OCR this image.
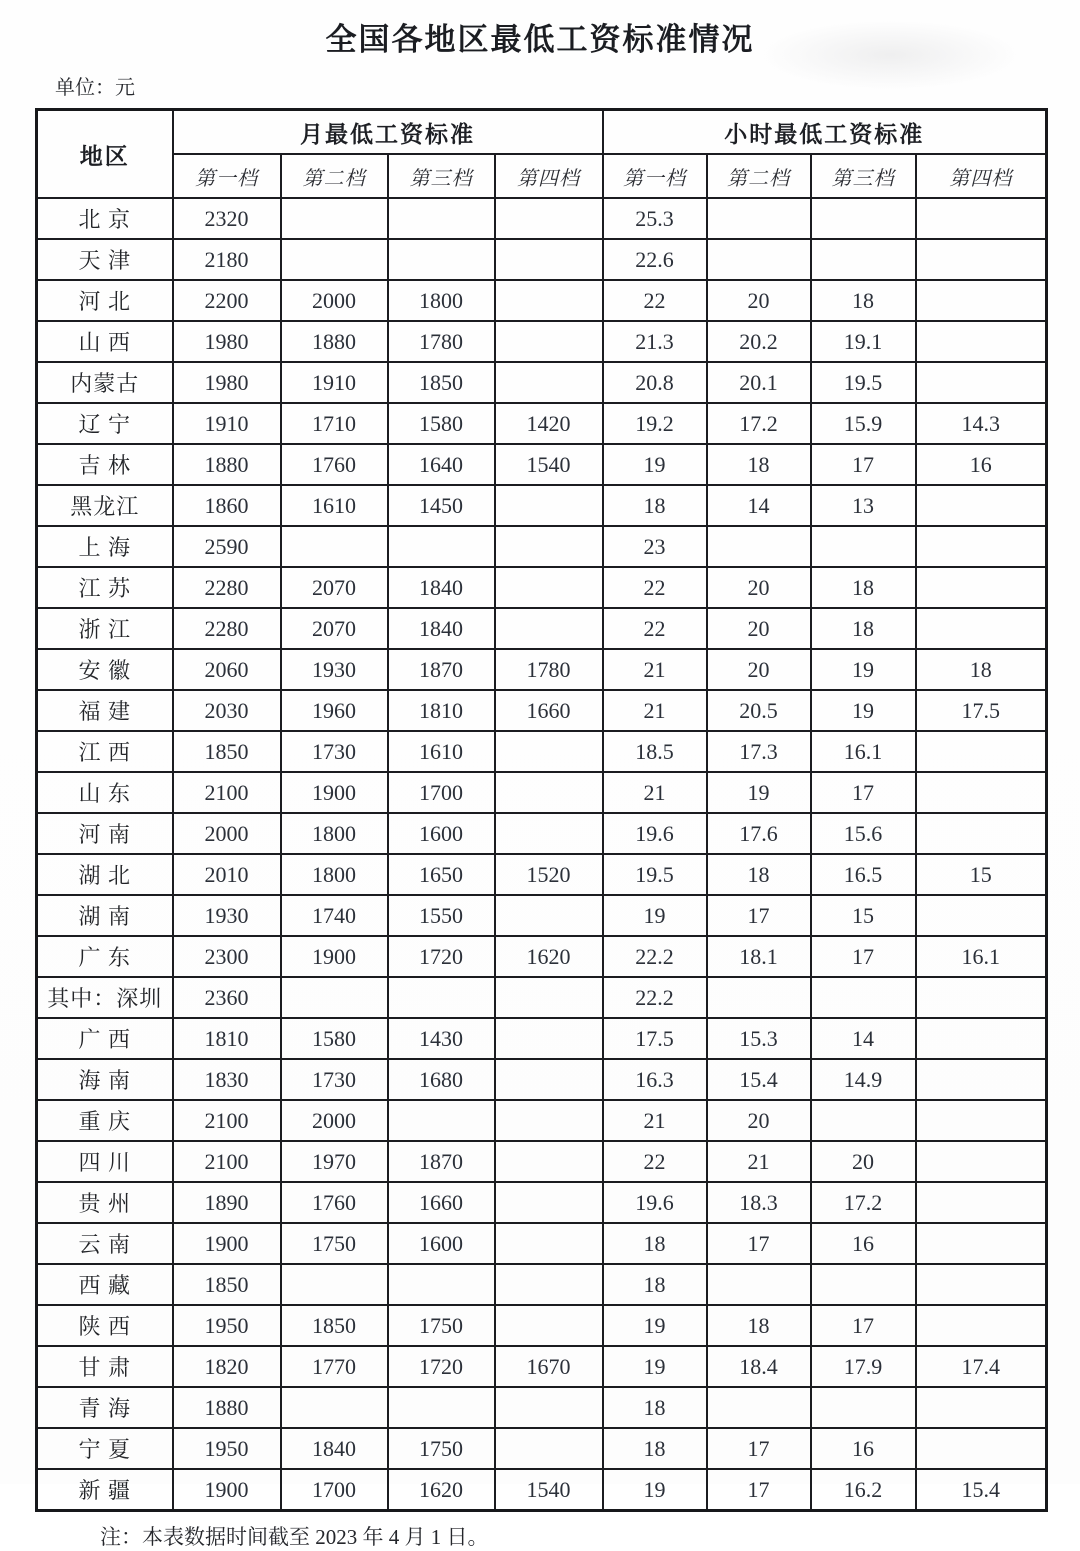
全国各地区最低工资标准情况
单位：元
地区	月最低工资标准				小时最低工资标准			
	第一档	第二档	第三档	第四档	第一档	第二档	第三档	第四档
北 京	2320				25.3			
天 津	2180				22.6			
河 北	2200	2000	1800		22	20	18	
山 西	1980	1880	1780		21.3	20.2	19.1	
内蒙古	1980	1910	1850		20.8	20.1	19.5	
辽 宁	1910	1710	1580	1420	19.2	17.2	15.9	14.3
吉 林	1880	1760	1640	1540	19	18	17	16
黑龙江	1860	1610	1450		18	14	13	
上 海	2590				23			
江 苏	2280	2070	1840		22	20	18	
浙 江	2280	2070	1840		22	20	18	
安 徽	2060	1930	1870	1780	21	20	19	18
福 建	2030	1960	1810	1660	21	20.5	19	17.5
江 西	1850	1730	1610		18.5	17.3	16.1	
山 东	2100	1900	1700		21	19	17	
河 南	2000	1800	1600		19.6	17.6	15.6	
湖 北	2010	1800	1650	1520	19.5	18	16.5	15
湖 南	1930	1740	1550		19	17	15	
广 东	2300	1900	1720	1620	22.2	18.1	17	16.1
其中：深圳	2360				22.2			
广 西	1810	1580	1430		17.5	15.3	14	
海 南	1830	1730	1680		16.3	15.4	14.9	
重 庆	2100	2000			21	20		
四 川	2100	1970	1870		22	21	20	
贵 州	1890	1760	1660		19.6	18.3	17.2	
云 南	1900	1750	1600		18	17	16	
西 藏	1850				18			
陕 西	1950	1850	1750		19	18	17	
甘 肃	1820	1770	1720	1670	19	18.4	17.9	17.4
青 海	1880				18			
宁 夏	1950	1840	1750		18	17	16	
新 疆	1900	1700	1620	1540	19	17	16.2	15.4
注：本表数据时间截至 2023 年 4 月 1 日。
